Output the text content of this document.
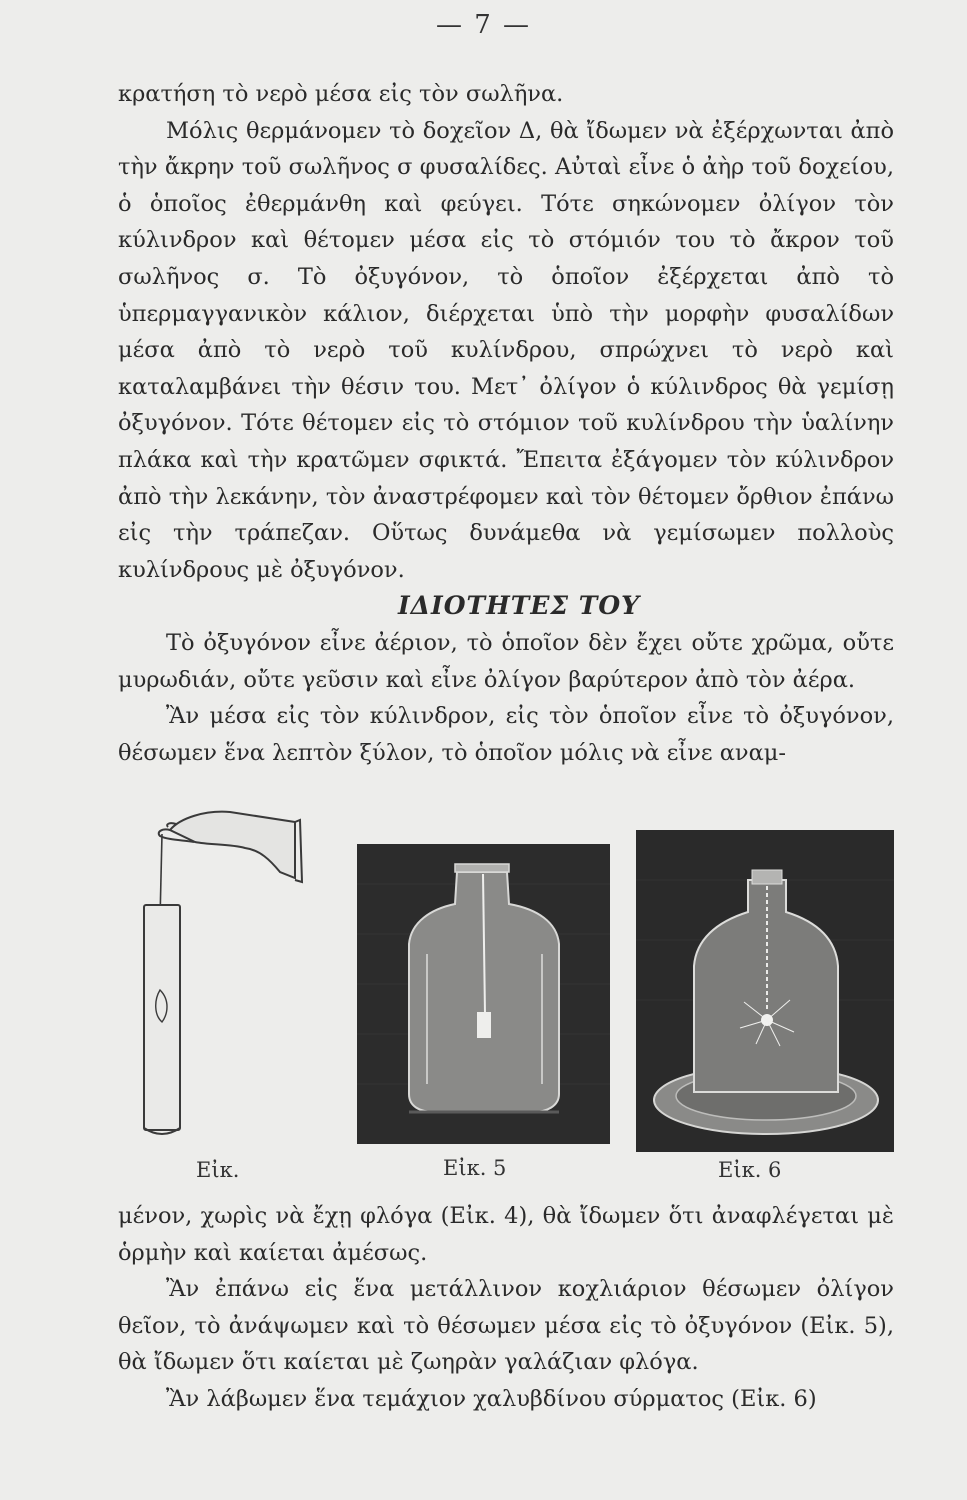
— 7 —

κρατήση τὸ νερὸ μέσα εἰς τὸν σωλῆνα.

Μόλις θερμάνομεν τὸ δοχεῖον Δ, θὰ ἴδωμεν νὰ ἐξέρχωνται ἀπὸ τὴν ἄκρην τοῦ σωλῆνος σ φυσαλίδες. Αὐταὶ εἶνε ὁ ἀὴρ τοῦ δοχείου, ὁ ὁποῖος ἐθερμάνθη καὶ φεύγει. Τότε σηκώνομεν ὀλίγον τὸν κύλινδρον καὶ θέτομεν μέσα εἰς τὸ στόμιόν του τὸ ἄκρον τοῦ σωλῆνος σ. Τὸ ὀξυγόνον, τὸ ὁποῖον ἐξέρχεται ἀπὸ τὸ ὑπερμαγγανικὸν κάλιον, διέρχεται ὑπὸ τὴν μορφὴν φυσαλίδων μέσα ἀπὸ τὸ νερὸ τοῦ κυλίνδρου, σπρώχνει τὸ νερὸ καὶ καταλαμβάνει τὴν θέσιν του. Μετ᾽ ὀλίγον ὁ κύλινδρος θὰ γεμίσῃ ὀξυγόνον. Τότε θέτομεν εἰς τὸ στόμιον τοῦ κυλίνδρου τὴν ὑαλίνην πλάκα καὶ τὴν κρατῶμεν σφικτά. Ἔπειτα ἐξάγομεν τὸν κύλινδρον ἀπὸ τὴν λεκάνην, τὸν ἀναστρέφομεν καὶ τὸν θέτομεν ὄρθιον ἐπάνω εἰς τὴν τράπεζαν. Οὕτως δυνάμεθα νὰ γεμίσωμεν πολλοὺς κυλίνδρους μὲ ὀξυγόνον.

ΙΔΙΟΤΗΤΕΣ ΤΟΥ

Τὸ ὀξυγόνον εἶνε ἀέριον, τὸ ὁποῖον δὲν ἔχει οὔτε χρῶμα, οὔτε μυρωδιάν, οὔτε γεῦσιν καὶ εἶνε ὀλίγον βαρύτερον ἀπὸ τὸν ἀέρα.

Ἂν μέσα εἰς τὸν κύλινδρον, εἰς τὸν ὁποῖον εἶνε τὸ ὀξυγόνον, θέσωμεν ἕνα λεπτὸν ξύλον, τὸ ὁποῖον μόλις νὰ εἶνε αναμ-

Εἰκ.	Εἰκ. 5	Εἰκ. 6

μένον, χωρὶς νὰ ἔχῃ φλόγα (Εἰκ. 4), θὰ ἴδωμεν ὅτι ἀναφλέγεται μὲ ὁρμὴν καὶ καίεται ἀμέσως.

Ἂν ἐπάνω εἰς ἕνα μετάλλινον κοχλιάριον θέσωμεν ὀλίγον θεῖον, τὸ ἀνάψωμεν καὶ τὸ θέσωμεν μέσα εἰς τὸ ὀξυγόνον (Εἰκ. 5), θὰ ἴδωμεν ὅτι καίεται μὲ ζωηρὰν γαλάζιαν φλόγα.

Ἂν λάβωμεν ἕνα τεμάχιον χαλυβδίνου σύρματος (Εἰκ. 6)
